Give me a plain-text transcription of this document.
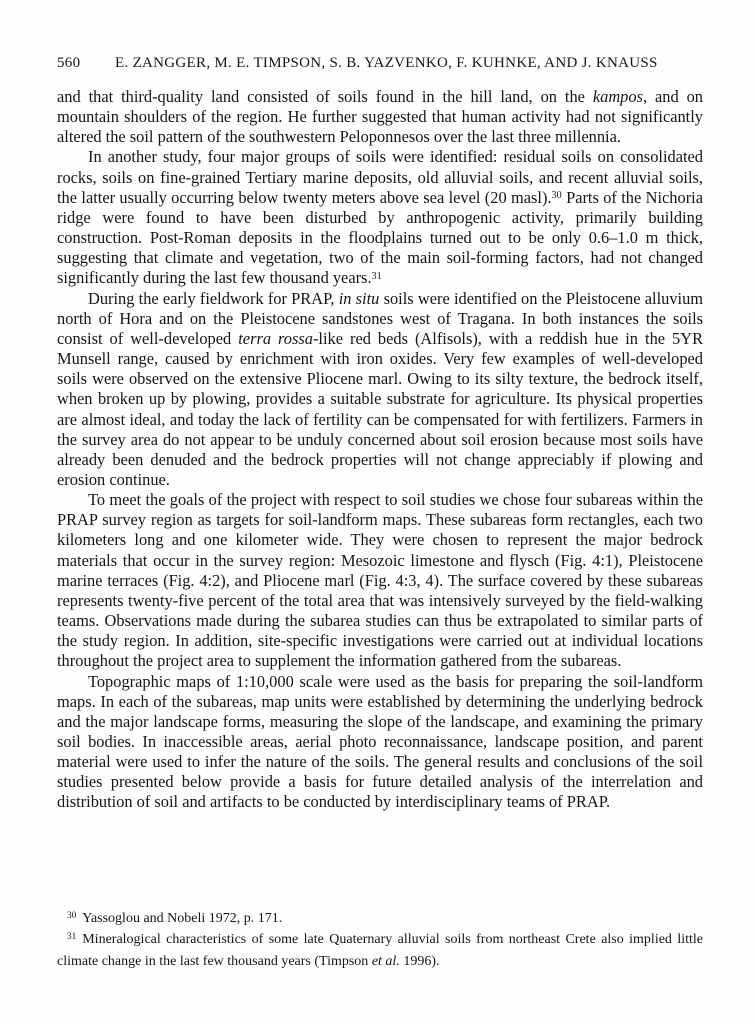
560 E. ZANGGER, M. E. TIMPSON, S. B. YAZVENKO, F. KUHNKE, AND J. KNAUSS

and that third-quality land consisted of soils found in the hill land, on the kampos, and on mountain shoulders of the region. He further suggested that human activity had not significantly altered the soil pattern of the southwestern Peloponnesos over the last three millennia.

In another study, four major groups of soils were identified: residual soils on consolidated rocks, soils on fine-grained Tertiary marine deposits, old alluvial soils, and recent alluvial soils, the latter usually occurring below twenty meters above sea level (20 masl).$^{30}$ Parts of the Nichoria ridge were found to have been disturbed by anthropogenic activity, primarily building construction. Post-Roman deposits in the floodplains turned out to be only 0.6–1.0 m thick, suggesting that climate and vegetation, two of the main soil-forming factors, had not changed significantly during the last few thousand years.$^{31}$

During the early fieldwork for PRAP, in situ soils were identified on the Pleistocene alluvium north of Hora and on the Pleistocene sandstones west of Tragana. In both instances the soils consist of well-developed terra rossa-like red beds (Alfisols), with a reddish hue in the 5YR Munsell range, caused by enrichment with iron oxides. Very few examples of well-developed soils were observed on the extensive Pliocene marl. Owing to its silty texture, the bedrock itself, when broken up by plowing, provides a suitable substrate for agriculture. Its physical properties are almost ideal, and today the lack of fertility can be compensated for with fertilizers. Farmers in the survey area do not appear to be unduly concerned about soil erosion because most soils have already been denuded and the bedrock properties will not change appreciably if plowing and erosion continue.

To meet the goals of the project with respect to soil studies we chose four subareas within the PRAP survey region as targets for soil-landform maps. These subareas form rectangles, each two kilometers long and one kilometer wide. They were chosen to represent the major bedrock materials that occur in the survey region: Mesozoic limestone and flysch (Fig. 4:1), Pleistocene marine terraces (Fig. 4:2), and Pliocene marl (Fig. 4:3, 4). The surface covered by these subareas represents twenty-five percent of the total area that was intensively surveyed by the field-walking teams. Observations made during the subarea studies can thus be extrapolated to similar parts of the study region. In addition, site-specific investigations were carried out at individual locations throughout the project area to supplement the information gathered from the subareas.

Topographic maps of 1:10,000 scale were used as the basis for preparing the soil-landform maps. In each of the subareas, map units were established by determining the underlying bedrock and the major landscape forms, measuring the slope of the landscape, and examining the primary soil bodies. In inaccessible areas, aerial photo reconnaissance, landscape position, and parent material were used to infer the nature of the soils. The general results and conclusions of the soil studies presented below provide a basis for future detailed analysis of the interrelation and distribution of soil and artifacts to be conducted by interdisciplinary teams of PRAP.

$^{30}$ Yassoglou and Nobeli 1972, p. 171.

$^{31}$ Mineralogical characteristics of some late Quaternary alluvial soils from northeast Crete also implied little climate change in the last few thousand years (Timpson et al. 1996).
